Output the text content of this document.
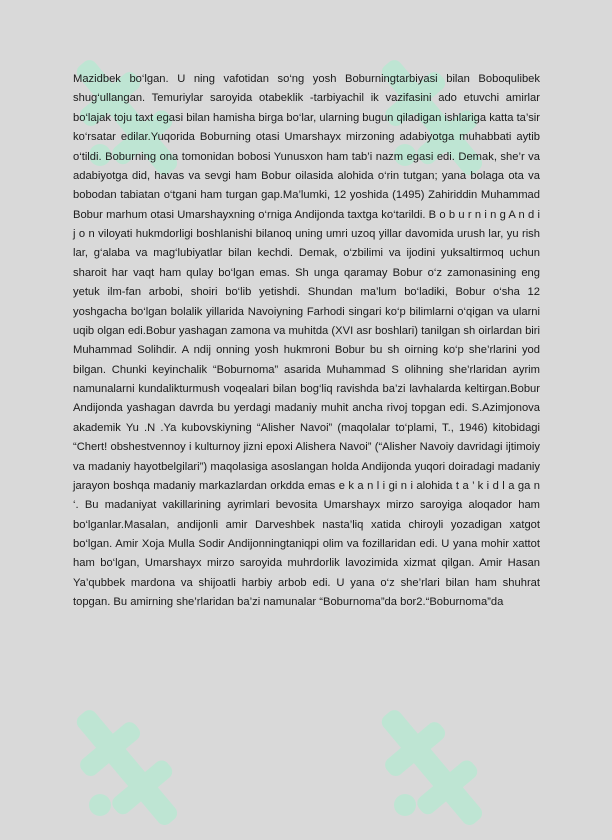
Mazidbek bo‘lgan. U ning vafotidan so‘ng yosh Boburningtarbiyasi bilan Boboqulibek shug‘ullangan. Temuriylar saroyida otabeklik -tarbiyachil ik vazifasini ado etuvchi amirlar bo‘lajak toju taxt egasi bilan hamisha birga bo‘lar, ularning bugun qiladigan ishlariga katta ta’sir ko‘rsatar edilar.Yuqorida Boburning otasi Umarshayx mirzoning adabiyotga muhabbati aytib o‘tildi. Boburning ona tomonidan bobosi Yunusxon ham tab’i nazm egasi edi. Demak, she’r va adabiyotga did, havas va sevgi ham Bobur oilasida alohida o‘rin tutgan; yana bolaga ota va bobodan tabiatan o‘tgani ham turgan gap.Ma’lumki, 12 yoshida (1495) Zahiriddin Muhammad Bobur marhum otasi Umarshayxning o‘rniga Andijonda taxtga ko‘tarildi. B o b u r n i n g A n d i j o n viloyati hukmdorligi boshlanishi bilanoq uning umri uzoq yillar davomida urush lar, yu rish lar, g‘alaba va mag‘lubiyatlar bilan kechdi. Demak, o‘zbilimi va ijodini yuksaltirmoq uchun sharoit har vaqt ham qulay bo‘lgan emas. Sh unga qaramay Bobur o‘z zamonasining eng yetuk ilm-fan arbobi, shoiri bo‘lib yetishdi. Shundan ma’lum bo‘ladiki, Bobur o‘sha 12 yoshgacha bo‘lgan bolalik yillarida Navoiyning Farhodi singari ko‘p bilimlarni o‘qigan va ularni uqib olgan edi.Bobur yashagan zamona va muhitda (XVI asr boshlari) tanilgan sh oirlardan biri Muhammad Solihdir. A ndij onning yosh hukmroni Bobur bu sh oirning ko‘p she’rlarini yod bilgan. Chunki keyinchalik “Boburnoma” asarida Muhammad S olihning she’rlaridan ayrim namunalarni kundalikturmush voqealari bilan bog‘liq ravishda ba’zi lavhalarda keltirgan.Bobur Andijonda yashagan davrda bu yerdagi madaniy muhit ancha rivoj topgan edi. S.Azimjonova akademik Yu .N .Ya kubovskiyning “Alisher Navoi” (maqolalar to‘plami, T., 1946) kitobidagi “Chert! obshestvennoy i kulturnoy jizni epoxi Alishera Navoi” (“Alisher Navoiy davridagi ijtimoiy va madaniy hayotbelgilari”) maqolasiga asoslangan holda Andijonda yuqori doiradagi madaniy jarayon boshqa madaniy markazlardan orkdda emas e k a n l i gi n i alohida t a ’ k i d l a ga n ‘. Bu madaniyat vakillarining ayrimlari bevosita Umarshayx mirzo saroyiga aloqador ham bo‘lganlar.Masalan, andijonli amir Darveshbek nasta’liq xatida chiroyli yozadigan xatgot bo‘lgan. Amir Xoja Mulla Sodir Andijonningtaniqpi olim va fozillaridan edi. U yana mohir xattot ham bo‘lgan, Umarshayx mirzo saroyida muhrdorlik lavozimida xizmat qilgan. Amir Hasan Ya’qubbek mardona va shijoatli harbiy arbob edi. U yana o‘z she’rlari bilan ham shuhrat topgan. Bu amirning she’rlaridan ba’zi namunalar “Boburnoma”da bor2.“Boburnoma”da
